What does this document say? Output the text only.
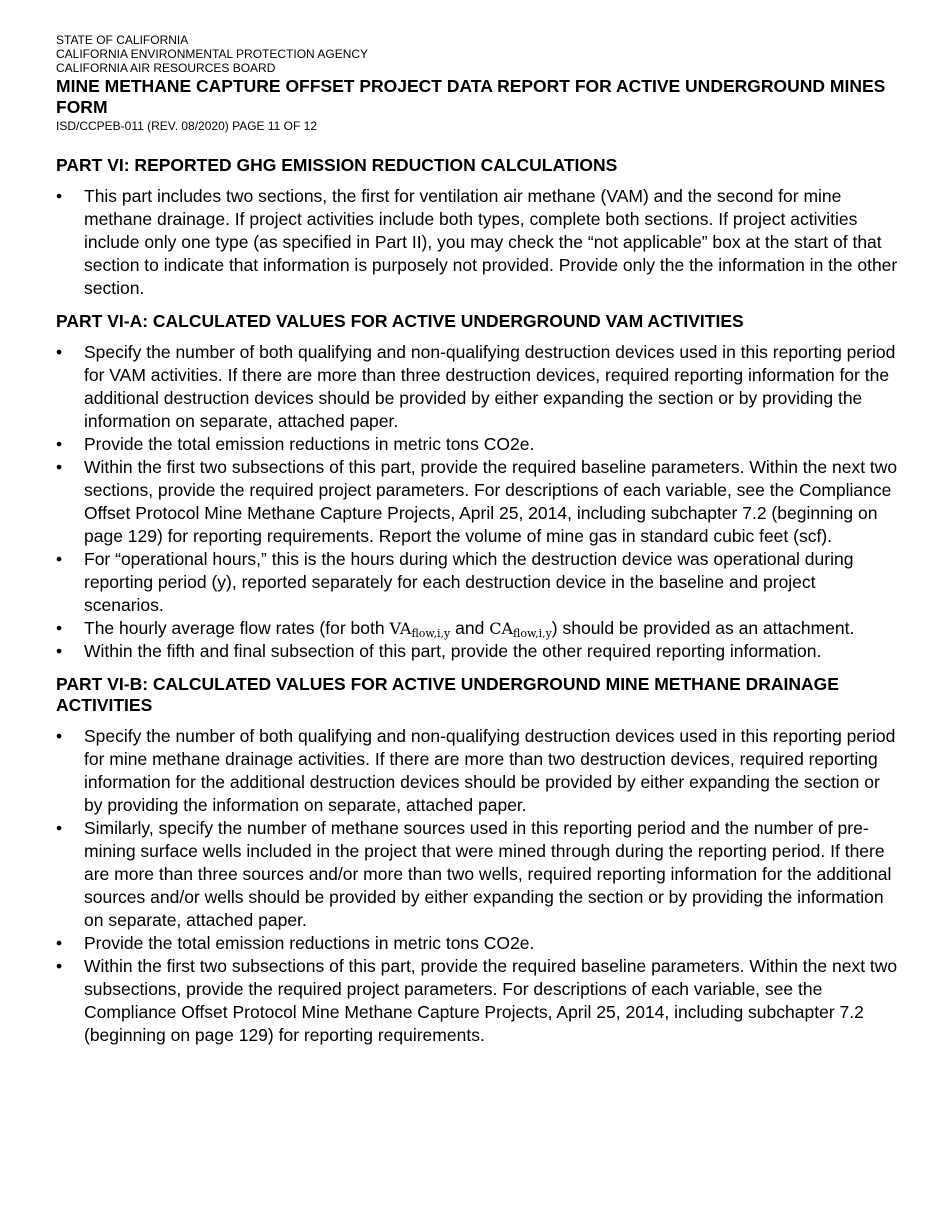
STATE OF CALIFORNIA
CALIFORNIA ENVIRONMENTAL PROTECTION AGENCY
CALIFORNIA AIR RESOURCES BOARD
MINE METHANE CAPTURE OFFSET PROJECT DATA REPORT FOR ACTIVE UNDERGROUND MINES FORM
ISD/CCPEB-011 (REV. 08/2020) PAGE 11 OF 12
PART VI: REPORTED GHG EMISSION REDUCTION CALCULATIONS
•	This part includes two sections, the first for ventilation air methane (VAM) and the second for mine methane drainage. If project activities include both types, complete both sections. If project activities include only one type (as specified in Part II), you may check the “not applicable” box at the start of that section to indicate that information is purposely not provided. Provide only the the information in the other section.
PART VI-A: CALCULATED VALUES FOR ACTIVE UNDERGROUND VAM ACTIVITIES
•	Specify the number of both qualifying and non-qualifying destruction devices used in this reporting period for VAM activities. If there are more than three destruction devices, required reporting information for the additional destruction devices should be provided by either expanding the section or by providing the information on separate, attached paper.
•	Provide the total emission reductions in metric tons CO2e.
•	Within the first two subsections of this part, provide the required baseline parameters. Within the next two sections, provide the required project parameters. For descriptions of each variable, see the Compliance Offset Protocol Mine Methane Capture Projects, April 25, 2014, including subchapter 7.2 (beginning on page 129) for reporting requirements. Report the volume of mine gas in standard cubic feet (scf).
•	For “operational hours,” this is the hours during which the destruction device was operational during reporting period (y), reported separately for each destruction device in the baseline and project scenarios.
•	The hourly average flow rates (for both $VA_{flow,i,y}$ and $CA_{flow,i,y}$) should be provided as an attachment.
•	Within the fifth and final subsection of this part, provide the other required reporting information.
PART VI-B: CALCULATED VALUES FOR ACTIVE UNDERGROUND MINE METHANE DRAINAGE ACTIVITIES
•	Specify the number of both qualifying and non-qualifying destruction devices used in this reporting period for mine methane drainage activities. If there are more than two destruction devices, required reporting information for the additional destruction devices should be provided by either expanding the section or by providing the information on separate, attached paper.
•	Similarly, specify the number of methane sources used in this reporting period and the number of pre-mining surface wells included in the project that were mined through during the reporting period. If there are more than three sources and/or more than two wells, required reporting information for the additional sources and/or wells should be provided by either expanding the section or by providing the information on separate, attached paper.
•	Provide the total emission reductions in metric tons CO2e.
•	Within the first two subsections of this part, provide the required baseline parameters. Within the next two subsections, provide the required project parameters. For descriptions of each variable, see the Compliance Offset Protocol Mine Methane Capture Projects, April 25, 2014, including subchapter 7.2 (beginning on page 129) for reporting requirements.
